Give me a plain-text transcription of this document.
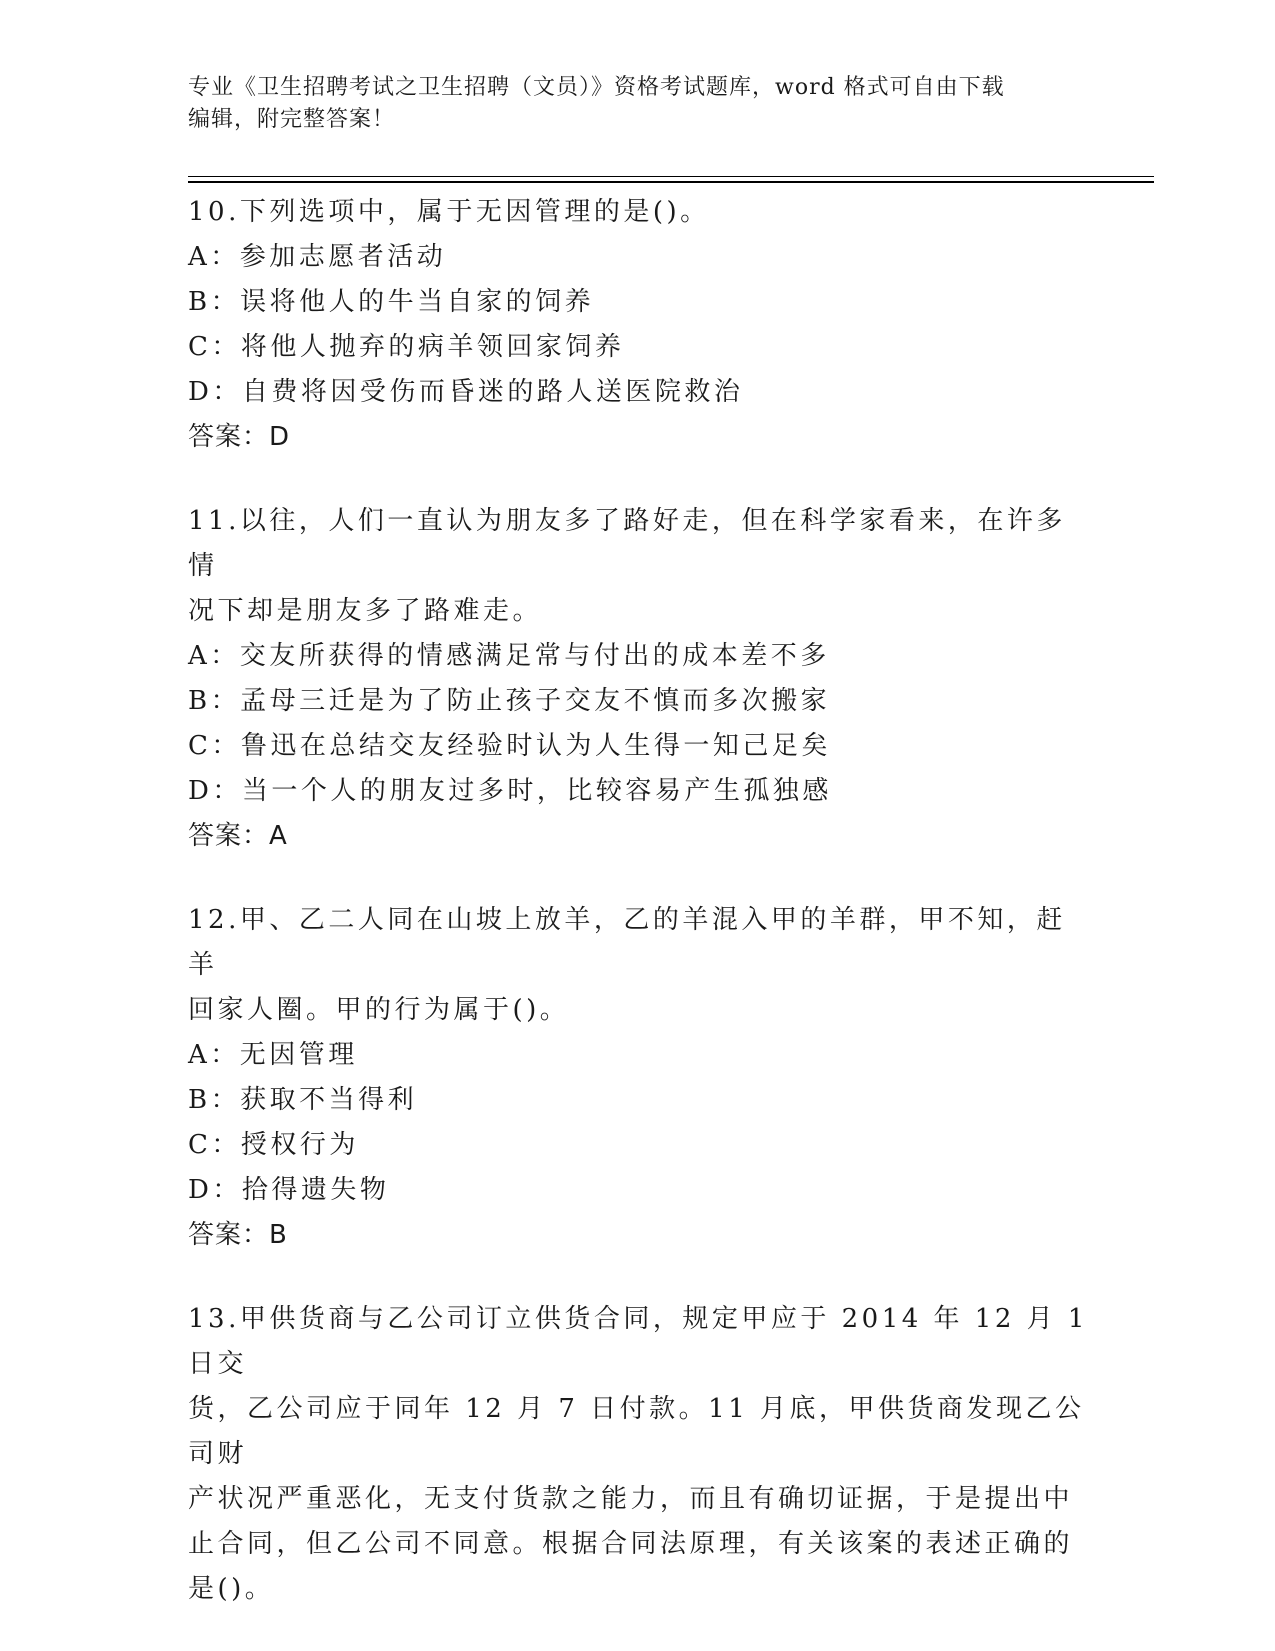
专业《卫生招聘考试之卫生招聘（文员）》资格考试题库，word 格式可自由下载
编辑，附完整答案！
10.下列选项中，属于无因管理的是()。
A：参加志愿者活动
B：误将他人的牛当自家的饲养
C：将他人抛弃的病羊领回家饲养
D：自费将因受伤而昏迷的路人送医院救治
答案：D
11.以往，人们一直认为朋友多了路好走，但在科学家看来，在许多情
况下却是朋友多了路难走。
A：交友所获得的情感满足常与付出的成本差不多
B：孟母三迁是为了防止孩子交友不慎而多次搬家
C：鲁迅在总结交友经验时认为人生得一知己足矣
D：当一个人的朋友过多时，比较容易产生孤独感
答案：A
12.甲、乙二人同在山坡上放羊，乙的羊混入甲的羊群，甲不知，赶羊
回家人圈。甲的行为属于()。
A：无因管理
B：获取不当得利
C：授权行为
D：拾得遗失物
答案：B
13.甲供货商与乙公司订立供货合同，规定甲应于 2014 年 12 月 1 日交
货，乙公司应于同年 12 月 7 日付款。11 月底，甲供货商发现乙公司财
产状况严重恶化，无支付货款之能力，而且有确切证据，于是提出中
止合同，但乙公司不同意。根据合同法原理，有关该案的表述正确的
是()。
